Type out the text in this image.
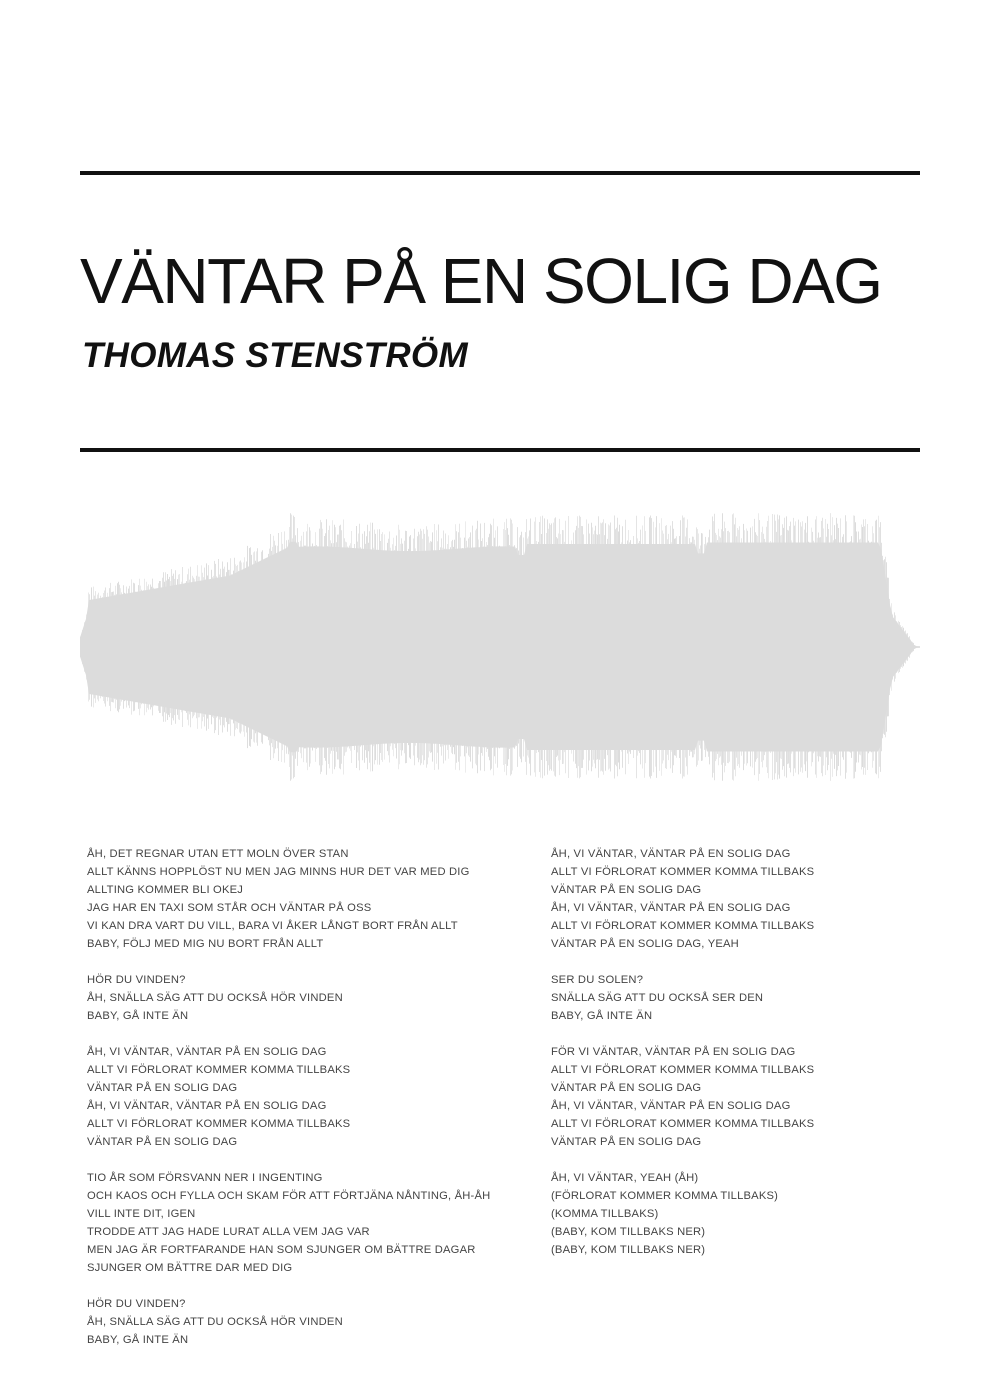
VÄNTAR PÅ EN SOLIG DAG
THOMAS STENSTRÖM
ÅH, DET REGNAR UTAN ETT MOLN ÖVER STAN
ALLT KÄNNS HOPPLÖST NU MEN JAG MINNS HUR DET VAR MED DIG
ALLTING KOMMER BLI OKEJ
JAG HAR EN TAXI SOM STÅR OCH VÄNTAR PÅ OSS
VI KAN DRA VART DU VILL, BARA VI ÅKER LÅNGT BORT FRÅN ALLT
BABY, FÖLJ MED MIG NU BORT FRÅN ALLT
HÖR DU VINDEN?
ÅH, SNÄLLA SÄG ATT DU OCKSÅ HÖR VINDEN
BABY, GÅ INTE ÄN
ÅH, VI VÄNTAR, VÄNTAR PÅ EN SOLIG DAG
ALLT VI FÖRLORAT KOMMER KOMMA TILLBAKS
VÄNTAR PÅ EN SOLIG DAG
ÅH, VI VÄNTAR, VÄNTAR PÅ EN SOLIG DAG
ALLT VI FÖRLORAT KOMMER KOMMA TILLBAKS
VÄNTAR PÅ EN SOLIG DAG
TIO ÅR SOM FÖRSVANN NER I INGENTING
OCH KAOS OCH FYLLA OCH SKAM FÖR ATT FÖRTJÄNA NÅNTING, ÅH-ÅH
VILL INTE DIT, IGEN
TRODDE ATT JAG HADE LURAT ALLA VEM JAG VAR
MEN JAG ÄR FORTFARANDE HAN SOM SJUNGER OM BÄTTRE DAGAR
SJUNGER OM BÄTTRE DAR MED DIG
HÖR DU VINDEN?
ÅH, SNÄLLA SÄG ATT DU OCKSÅ HÖR VINDEN
BABY, GÅ INTE ÄN
ÅH, VI VÄNTAR, VÄNTAR PÅ EN SOLIG DAG
ALLT VI FÖRLORAT KOMMER KOMMA TILLBAKS
VÄNTAR PÅ EN SOLIG DAG
ÅH, VI VÄNTAR, VÄNTAR PÅ EN SOLIG DAG
ALLT VI FÖRLORAT KOMMER KOMMA TILLBAKS
VÄNTAR PÅ EN SOLIG DAG, YEAH
SER DU SOLEN?
SNÄLLA SÄG ATT DU OCKSÅ SER DEN
BABY, GÅ INTE ÄN
FÖR VI VÄNTAR, VÄNTAR PÅ EN SOLIG DAG
ALLT VI FÖRLORAT KOMMER KOMMA TILLBAKS
VÄNTAR PÅ EN SOLIG DAG
ÅH, VI VÄNTAR, VÄNTAR PÅ EN SOLIG DAG
ALLT VI FÖRLORAT KOMMER KOMMA TILLBAKS
VÄNTAR PÅ EN SOLIG DAG
ÅH, VI VÄNTAR, YEAH (ÅH)
(FÖRLORAT KOMMER KOMMA TILLBAKS)
(KOMMA TILLBAKS)
(BABY, KOM TILLBAKS NER)
(BABY, KOM TILLBAKS NER)
